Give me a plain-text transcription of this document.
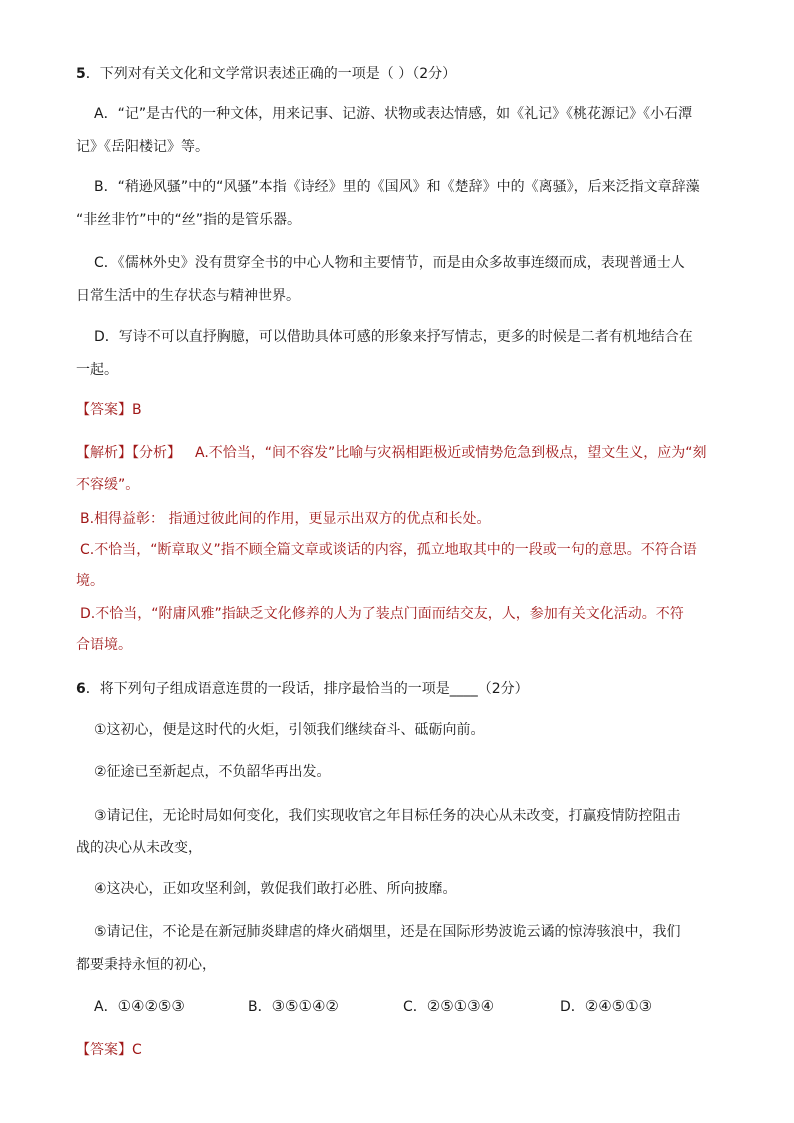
5．下列对有关文化和文学常识表述正确的一项是（ ）（2分）
A．“记”是古代的一种文体，用来记事、记游、状物或表达情感，如《礼记》《桃花源记》《小石潭
记》《岳阳楼记》等。
B．“稍逊风骚”中的“风骚”本指《诗经》里的《国风》和《楚辞》中的《离骚》，后来泛指文章辞藻
“非丝非竹”中的“丝”指的是管乐器。
C．《儒林外史》没有贯穿全书的中心人物和主要情节，而是由众多故事连缀而成，表现普通士人
日常生活中的生存状态与精神世界。
D．写诗不可以直抒胸臆，可以借助具体可感的形象来抒写情志，更多的时候是二者有机地结合在
一起。
【答案】B
【解析】【分析】 A.不恰当，“间不容发”比喻与灾祸相距极近或情势危急到极点，望文生义，应为“刻
不容缓”。
B.相得益彰： 指通过彼此间的作用，更显示出双方的优点和长处。
C.不恰当，“断章取义”指不顾全篇文章或谈话的内容，孤立地取其中的一段或一句的意思。不符合语
境。
D.不恰当，“附庸风雅”指缺乏文化修养的人为了装点门面而结交友，人，参加有关文化活动。不符
合语境。
6．将下列句子组成语意连贯的一段话，排序最恰当的一项是____（2分）
①这初心，便是这时代的火炬，引领我们继续奋斗、砥砺向前。
②征途已至新起点，不负韶华再出发。
③请记住，无论时局如何变化，我们实现收官之年目标任务的决心从未改变，打赢疫情防控阻击
战的决心从未改变，
④这决心，正如攻坚利剑，敦促我们敢打必胜、所向披靡。
⑤请记住，不论是在新冠肺炎肆虐的烽火硝烟里，还是在国际形势波诡云谲的惊涛骇浪中，我们
都要秉持永恒的初心，
A．①④②⑤③	B．③⑤①④②	C．②⑤①③④	D．②④⑤①③
【答案】C
